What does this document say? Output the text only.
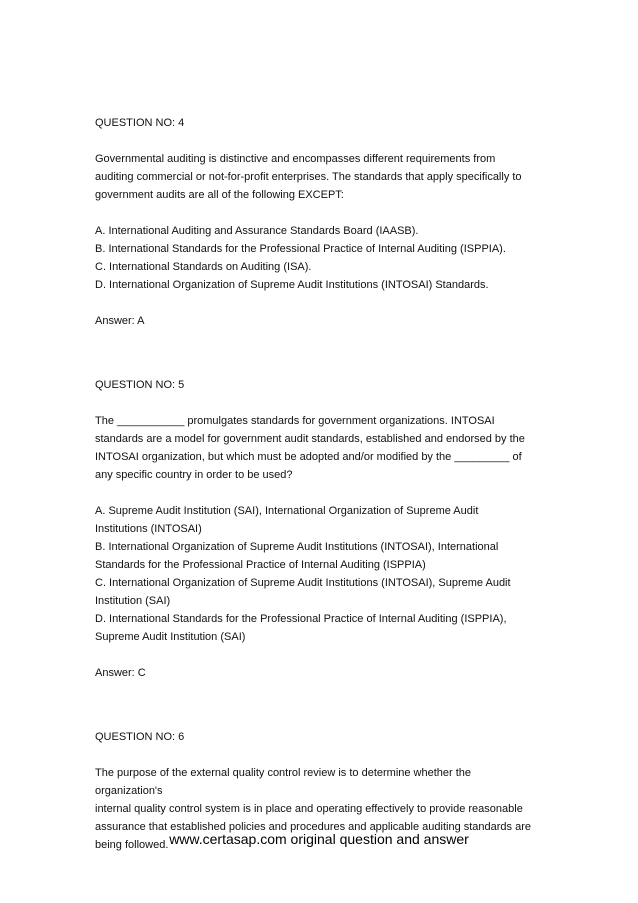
QUESTION NO: 4
Governmental auditing is distinctive and encompasses different requirements from
auditing commercial or not-for-profit enterprises. The standards that apply specifically to
government audits are all of the following EXCEPT:
A. International Auditing and Assurance Standards Board (IAASB).
B. International Standards for the Professional Practice of Internal Auditing (ISPPIA).
C. International Standards on Auditing (ISA).
D. International Organization of Supreme Audit Institutions (INTOSAI) Standards.
Answer: A
QUESTION NO: 5
The ___________ promulgates standards for government organizations. INTOSAI
standards are a model for government audit standards, established and endorsed by the
INTOSAI organization, but which must be adopted and/or modified by the _________ of
any specific country in order to be used?
A. Supreme Audit Institution (SAI), International Organization of Supreme Audit
Institutions (INTOSAI)
B. International Organization of Supreme Audit Institutions (INTOSAI), International
Standards for the Professional Practice of Internal Auditing (ISPPIA)
C. International Organization of Supreme Audit Institutions (INTOSAI), Supreme Audit
Institution (SAI)
D. International Standards for the Professional Practice of Internal Auditing (ISPPIA),
Supreme Audit Institution (SAI)
Answer: C
QUESTION NO: 6
The purpose of the external quality control review is to determine whether the
organization's
internal quality control system is in place and operating effectively to provide reasonable
assurance that established policies and procedures and applicable auditing standards are
being followed. www.certasap.com original question and answer
